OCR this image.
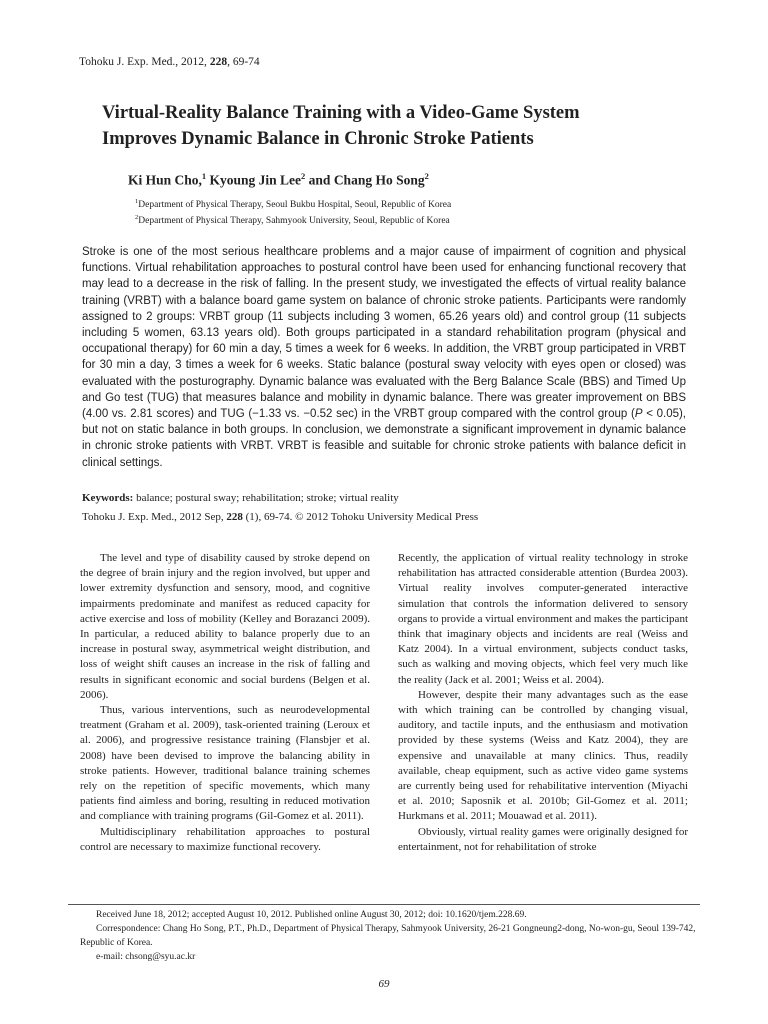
Tohoku J. Exp. Med., 2012, 228, 69-74
Virtual-Reality Balance Training with a Video-Game System
Improves Dynamic Balance in Chronic Stroke Patients
Ki Hun Cho,$^1$ Kyoung Jin Lee$^2$ and Chang Ho Song$^2$
$^1$Department of Physical Therapy, Seoul Bukbu Hospital, Seoul, Republic of Korea
$^2$Department of Physical Therapy, Sahmyook University, Seoul, Republic of Korea

Stroke is one of the most serious healthcare problems and a major cause of impairment of cognition and physical functions. Virtual rehabilitation approaches to postural control have been used for enhancing functional recovery that may lead to a decrease in the risk of falling. In the present study, we investigated the effects of virtual reality balance training (VRBT) with a balance board game system on balance of chronic stroke patients. Participants were randomly assigned to 2 groups: VRBT group (11 subjects including 3 women, 65.26 years old) and control group (11 subjects including 5 women, 63.13 years old). Both groups participated in a standard rehabilitation program (physical and occupational therapy) for 60 min a day, 5 times a week for 6 weeks. In addition, the VRBT group participated in VRBT for 30 min a day, 3 times a week for 6 weeks. Static balance (postural sway velocity with eyes open or closed) was evaluated with the posturography. Dynamic balance was evaluated with the Berg Balance Scale (BBS) and Timed Up and Go test (TUG) that measures balance and mobility in dynamic balance. There was greater improvement on BBS (4.00 vs. 2.81 scores) and TUG (−1.33 vs. −0.52 sec) in the VRBT group compared with the control group (P < 0.05), but not on static balance in both groups. In conclusion, we demonstrate a significant improvement in dynamic balance in chronic stroke patients with VRBT. VRBT is feasible and suitable for chronic stroke patients with balance deficit in clinical settings.

Keywords: balance; postural sway; rehabilitation; stroke; virtual reality
Tohoku J. Exp. Med., 2012 Sep, 228 (1), 69-74. © 2012 Tohoku University Medical Press

The level and type of disability caused by stroke depend on the degree of brain injury and the region involved, but upper and lower extremity dysfunction and sensory, mood, and cognitive impairments predominate and manifest as reduced capacity for active exercise and loss of mobility (Kelley and Borazanci 2009). In particular, a reduced ability to balance properly due to an increase in postural sway, asymmetrical weight distribution, and loss of weight shift causes an increase in the risk of falling and results in significant economic and social burdens (Belgen et al. 2006).

Thus, various interventions, such as neurodevelopmental treatment (Graham et al. 2009), task-oriented training (Leroux et al. 2006), and progressive resistance training (Flansbjer et al. 2008) have been devised to improve the balancing ability in stroke patients. However, traditional balance training schemes rely on the repetition of specific movements, which many patients find aimless and boring, resulting in reduced motivation and compliance with training programs (Gil-Gomez et al. 2011).

Multidisciplinary rehabilitation approaches to postural control are necessary to maximize functional recovery.

Recently, the application of virtual reality technology in stroke rehabilitation has attracted considerable attention (Burdea 2003). Virtual reality involves computer-generated interactive simulation that controls the information delivered to sensory organs to provide a virtual environment and makes the participant think that imaginary objects and incidents are real (Weiss and Katz 2004). In a virtual environment, subjects conduct tasks, such as walking and moving objects, which feel very much like the reality (Jack et al. 2001; Weiss et al. 2004).

However, despite their many advantages such as the ease with which training can be controlled by changing visual, auditory, and tactile inputs, and the enthusiasm and motivation provided by these systems (Weiss and Katz 2004), they are expensive and unavailable at many clinics. Thus, readily available, cheap equipment, such as active video game systems are currently being used for rehabilitative intervention (Miyachi et al. 2010; Saposnik et al. 2010b; Gil-Gomez et al. 2011; Hurkmans et al. 2011; Mouawad et al. 2011).

Obviously, virtual reality games were originally designed for entertainment, not for rehabilitation of stroke

Received June 18, 2012; accepted August 10, 2012. Published online August 30, 2012; doi: 10.1620/tjem.228.69.

Correspondence: Chang Ho Song, P.T., Ph.D., Department of Physical Therapy, Sahmyook University, 26-21 Gongneung2-dong, No-won-gu, Seoul 139-742, Republic of Korea.

e-mail: chsong@syu.ac.kr

69
